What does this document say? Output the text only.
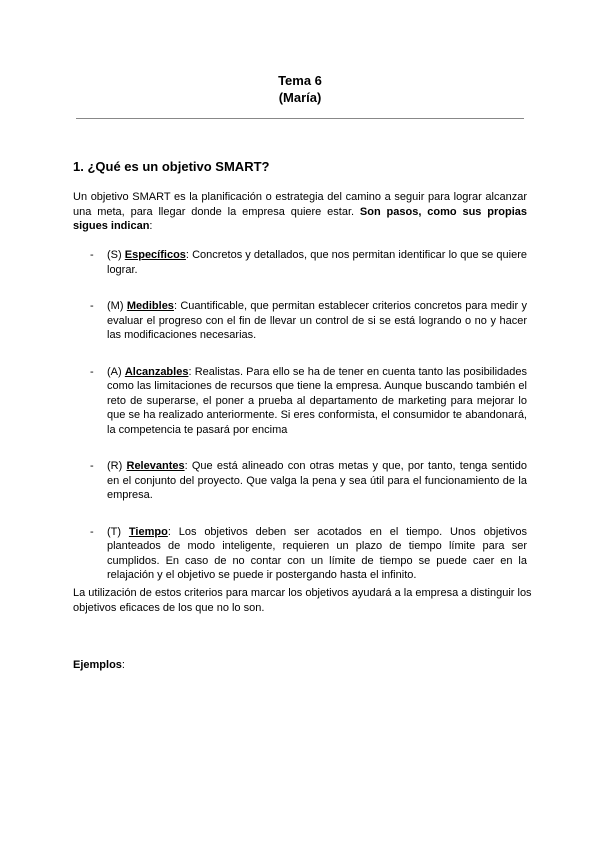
Tema 6
(María)
1. ¿Qué es un objetivo SMART?

Un objetivo SMART es la planificación o estrategia del camino a seguir para lograr alcanzar una meta, para llegar donde la empresa quiere estar. Son pasos, como sus propias sigues indican:

- (S) Específicos: Concretos y detallados, que nos permitan identificar lo que se quiere lograr.
- (M) Medibles: Cuantificable, que permitan establecer criterios concretos para medir y evaluar el progreso con el fin de llevar un control de si se está logrando o no y hacer las modificaciones necesarias.
- (A) Alcanzables: Realistas. Para ello se ha de tener en cuenta tanto las posibilidades como las limitaciones de recursos que tiene la empresa. Aunque buscando también el reto de superarse, el poner a prueba al departamento de marketing para mejorar lo que se ha realizado anteriormente. Si eres conformista, el consumidor te abandonará, la competencia te pasará por encima
- (R) Relevantes: Que está alineado con otras metas y que, por tanto, tenga sentido en el conjunto del proyecto. Que valga la pena y sea útil para el funcionamiento de la empresa.
- (T) Tiempo: Los objetivos deben ser acotados en el tiempo. Unos objetivos planteados de modo inteligente, requieren un plazo de tiempo límite para ser cumplidos. En caso de no contar con un límite de tiempo se puede caer en la relajación y el objetivo se puede ir postergando hasta el infinito.

La utilización de estos criterios para marcar los objetivos ayudará a la empresa a distinguir los objetivos eficaces de los que no lo son.

Ejemplos:
